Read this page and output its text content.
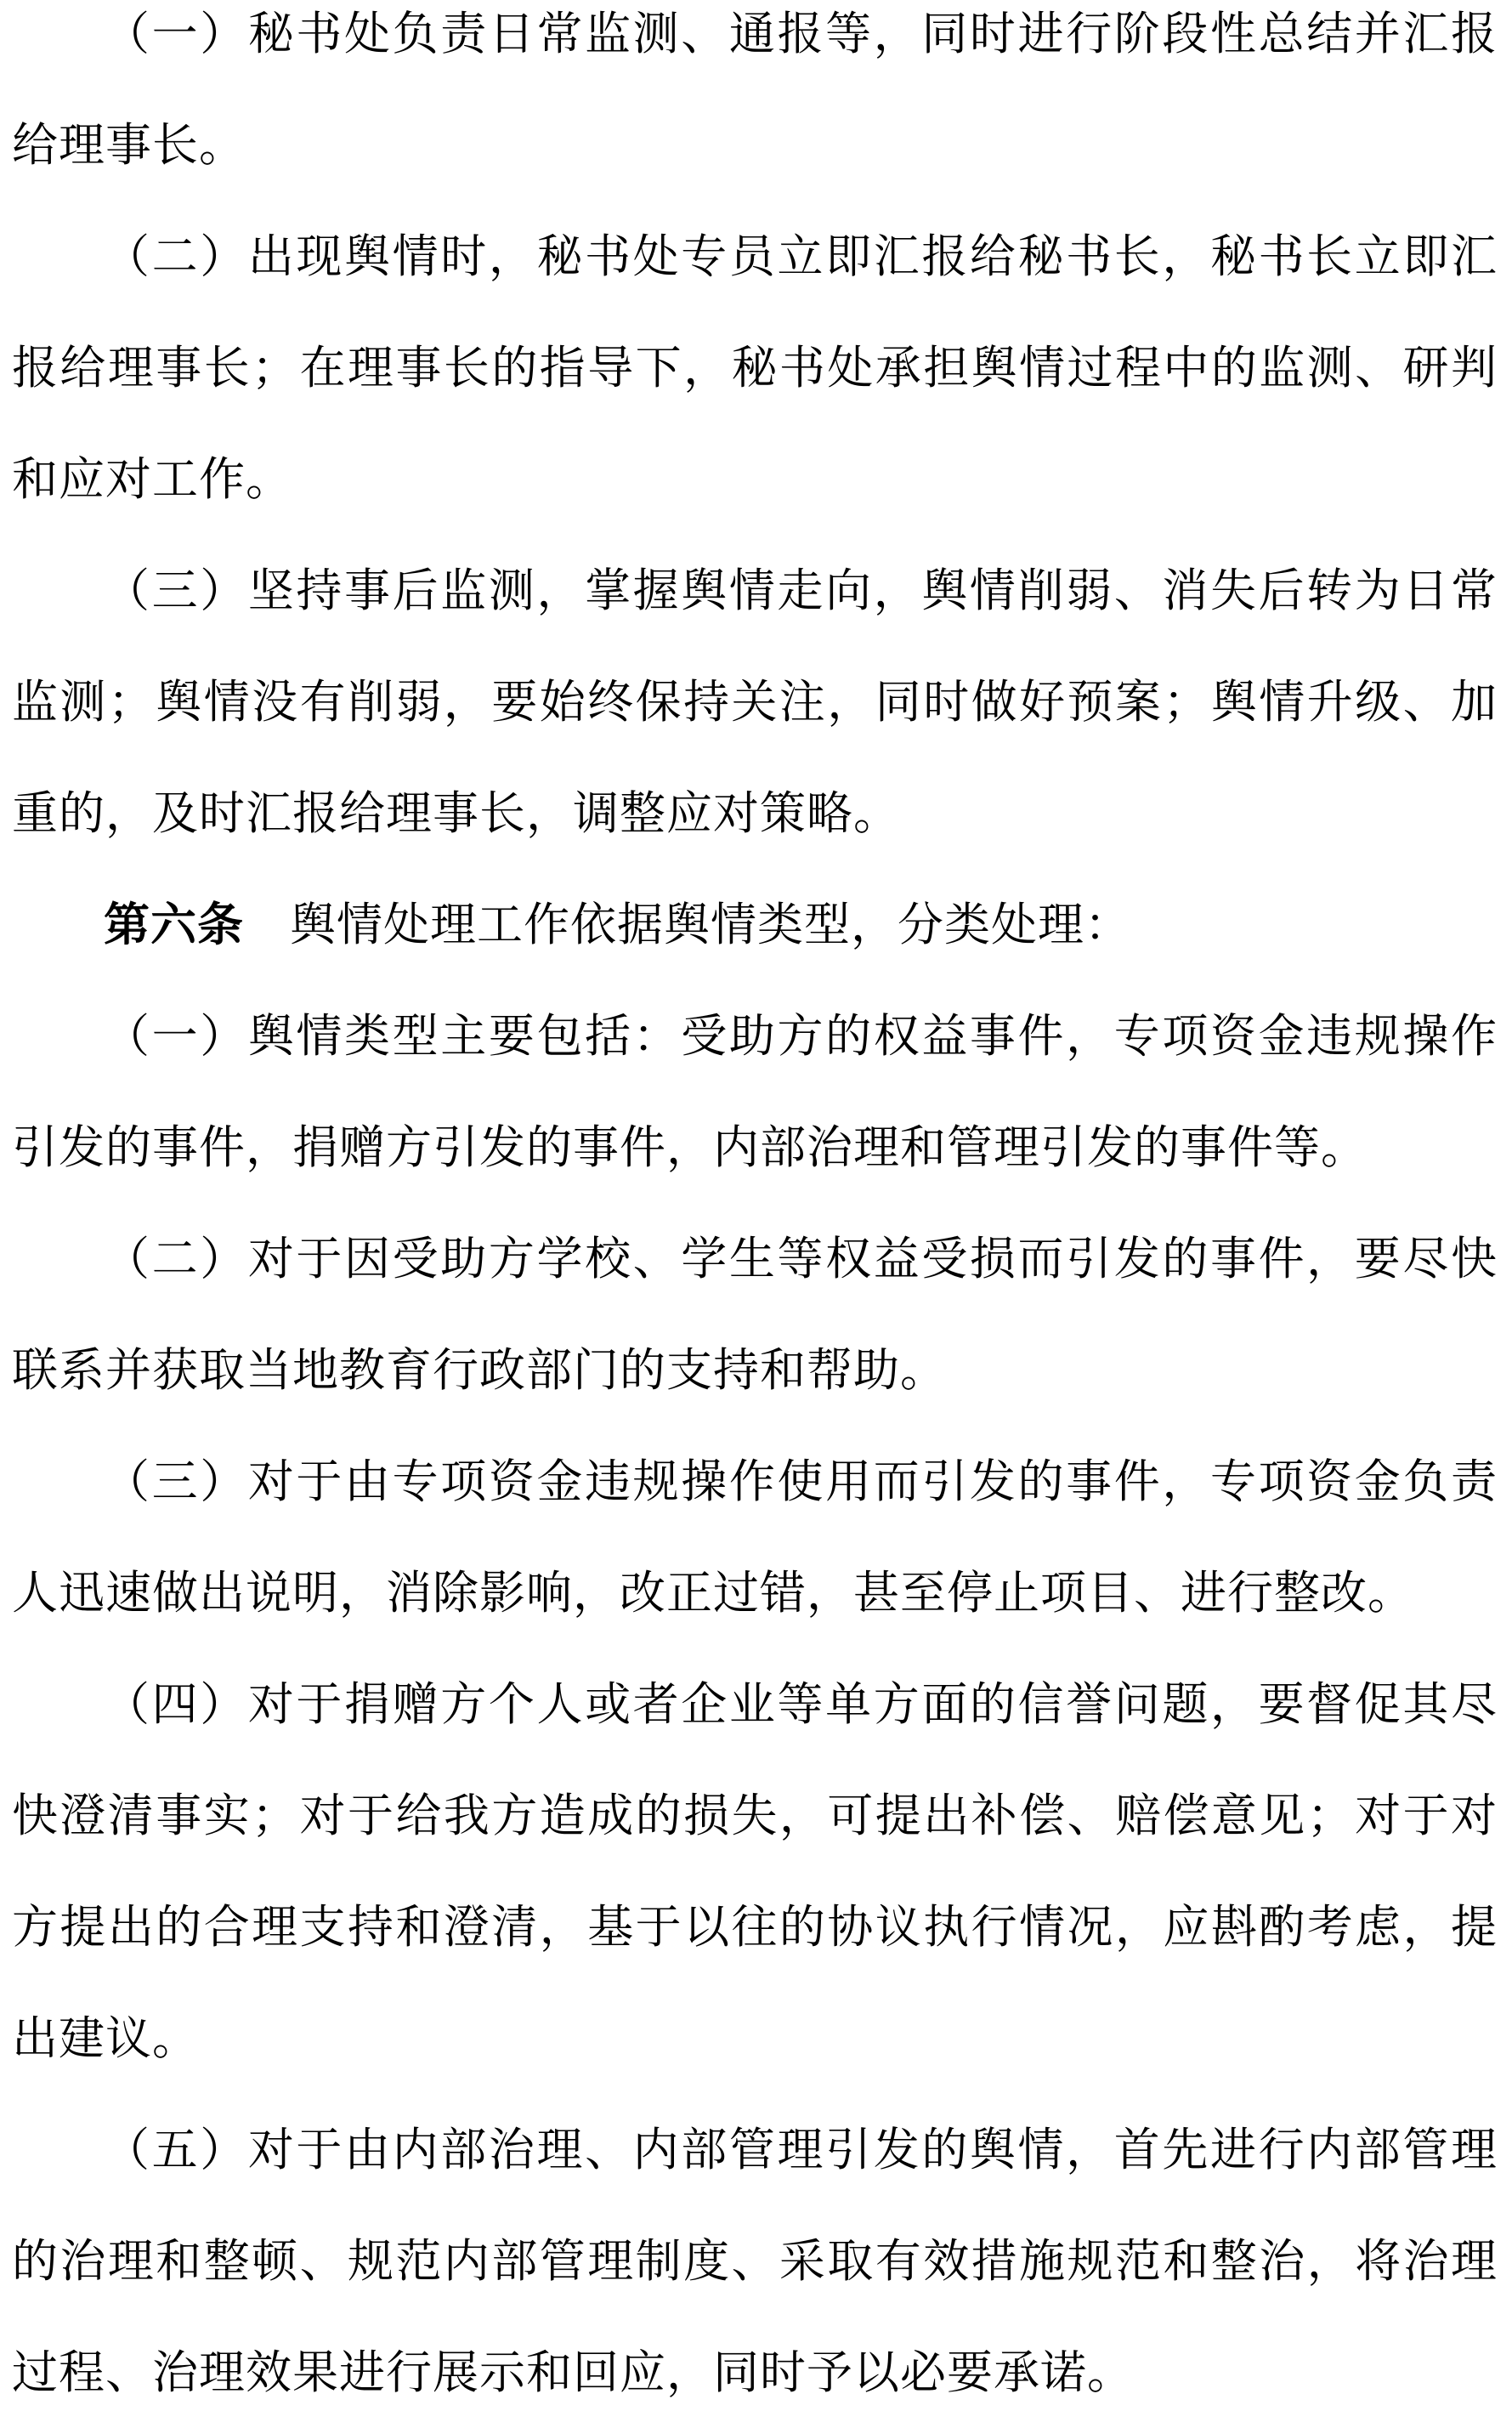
（一）秘书处负责日常监测、通报等，同时进行阶段性总结并汇报给理事长。

（二）出现舆情时，秘书处专员立即汇报给秘书长，秘书长立即汇报给理事长；在理事长的指导下，秘书处承担舆情过程中的监测、研判和应对工作。

（三）坚持事后监测，掌握舆情走向，舆情削弱、消失后转为日常监测；舆情没有削弱，要始终保持关注，同时做好预案；舆情升级、加重的，及时汇报给理事长，调整应对策略。

第六条 舆情处理工作依据舆情类型，分类处理：

（一）舆情类型主要包括：受助方的权益事件，专项资金违规操作引发的事件，捐赠方引发的事件，内部治理和管理引发的事件等。

（二）对于因受助方学校、学生等权益受损而引发的事件，要尽快联系并获取当地教育行政部门的支持和帮助。

（三）对于由专项资金违规操作使用而引发的事件，专项资金负责人迅速做出说明，消除影响，改正过错，甚至停止项目、进行整改。

（四）对于捐赠方个人或者企业等单方面的信誉问题，要督促其尽快澄清事实；对于给我方造成的损失，可提出补偿、赔偿意见；对于对方提出的合理支持和澄清，基于以往的协议执行情况，应斟酌考虑，提出建议。

（五）对于由内部治理、内部管理引发的舆情，首先进行内部管理的治理和整顿、规范内部管理制度、采取有效措施规范和整治，将治理过程、治理效果进行展示和回应，同时予以必要承诺。
